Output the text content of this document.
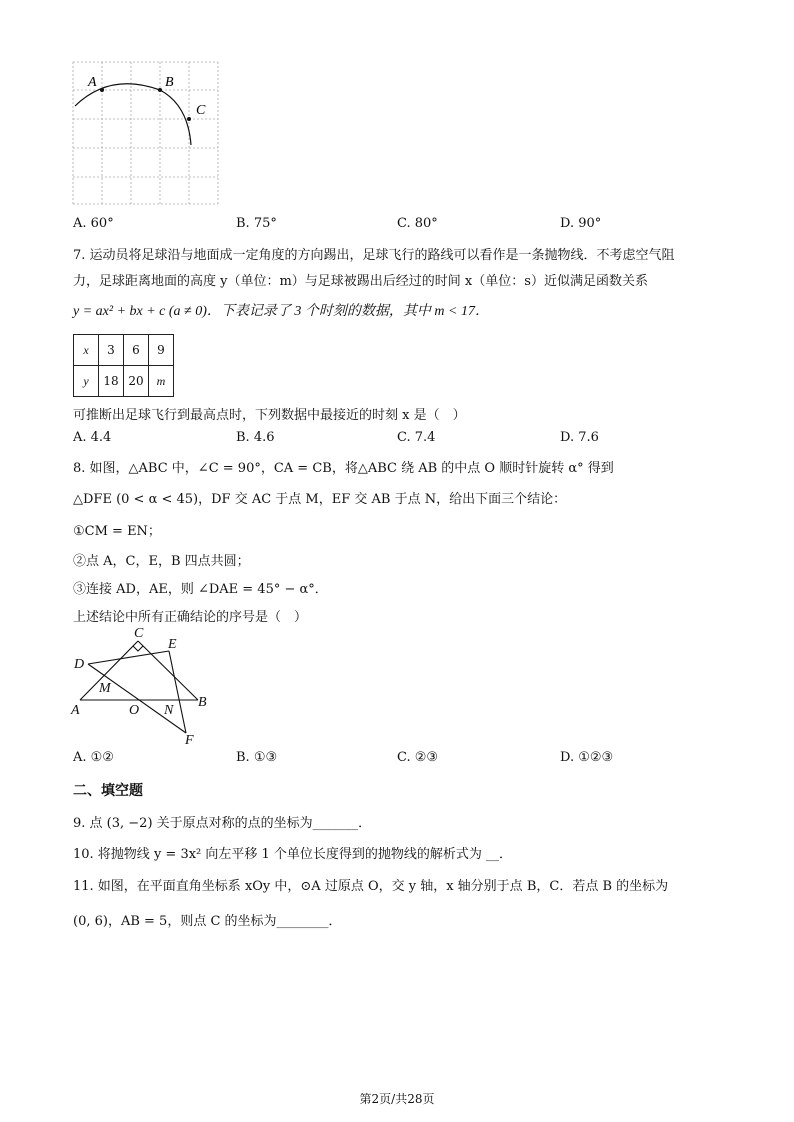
A	B
C
A. 60°	B. 75°	C. 80°	D. 90°
7. 运动员将足球沿与地面成一定角度的方向踢出，足球飞行的路线可以看作是一条抛物线．不考虑空气阻
力，足球距离地面的高度 y（单位：m）与足球被踢出后经过的时间 x（单位：s）近似满足函数关系
y = ax² + bx + c (a ≠ 0)．下表记录了 3 个时刻的数据，其中 m < 17．
x	3	6	9
y	18	20	m
可推断出足球飞行到最高点时，下列数据中最接近的时刻 x 是（　）
A. 4.4	B. 4.6	C. 7.4	D. 7.6
8. 如图，△ABC 中，∠C = 90°，CA = CB，将△ABC 绕 AB 的中点 O 顺时针旋转 α° 得到
△DFE (0 < α < 45)，DF 交 AC 于点 M，EF 交 AB 于点 N，给出下面三个结论：
①CM = EN；
②点 A，C，E，B 四点共圆；
③连接 AD，AE，则 ∠DAE = 45° − α°．
上述结论中所有正确结论的序号是（　）
C
E
D
M
A	O N
B
F
A. ①②	B. ①③	C. ②③	D. ①②③
二、填空题
9. 点 (3, −2) 关于原点对称的点的坐标为_______．
10. 将抛物线 y = 3x² 向左平移 1 个单位长度得到的抛物线的解析式为 __．
11. 如图，在平面直角坐标系 xOy 中，⊙A 过原点 O，交 y 轴，x 轴分别于点 B，C．若点 B 的坐标为
(0, 6)，AB = 5，则点 C 的坐标为________．
第2页/共28页
